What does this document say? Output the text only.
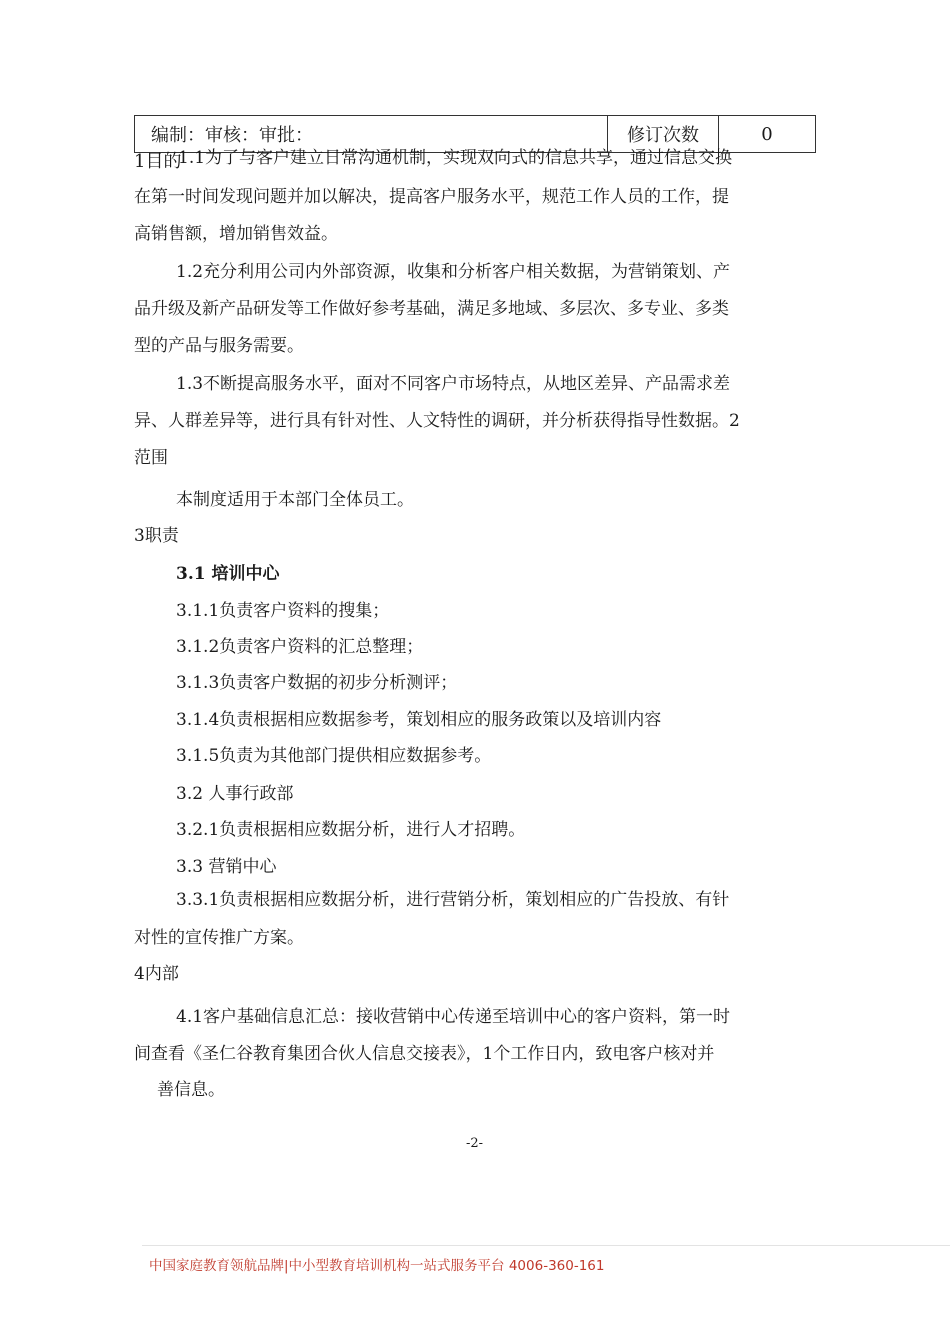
编制：审核：审批：	修订次数	0
1目的
1.1为了与客户建立日常沟通机制，实现双向式的信息共享，通过信息交换
在第一时间发现问题并加以解决，提高客户服务水平，规范工作人员的工作，提
高销售额，增加销售效益。
1.2充分利用公司内外部资源，收集和分析客户相关数据，为营销策划、产
品升级及新产品研发等工作做好参考基础，满足多地域、多层次、多专业、多类
型的产品与服务需要。
1.3不断提高服务水平，面对不同客户市场特点，从地区差异、产品需求差
异、人群差异等，进行具有针对性、人文特性的调研，并分析获得指导性数据。2
范围
本制度适用于本部门全体员工。
3职责
3.1 培训中心
3.1.1负责客户资料的搜集；
3.1.2负责客户资料的汇总整理；
3.1.3负责客户数据的初步分析测评；
3.1.4负责根据相应数据参考，策划相应的服务政策以及培训内容
3.1.5负责为其他部门提供相应数据参考。
3.2 人事行政部
3.2.1负责根据相应数据分析，进行人才招聘。
3.3 营销中心
3.3.1负责根据相应数据分析，进行营销分析，策划相应的广告投放、有针
对性的宣传推广方案。
4内部
4.1客户基础信息汇总：接收营销中心传递至培训中心的客户资料，第一时
间查看《圣仁谷教育集团合伙人信息交接表》，1个工作日内，致电客户核对并
善信息。
-2-
中国家庭教育领航品牌|中小型教育培训机构一站式服务平台 4006-360-161
